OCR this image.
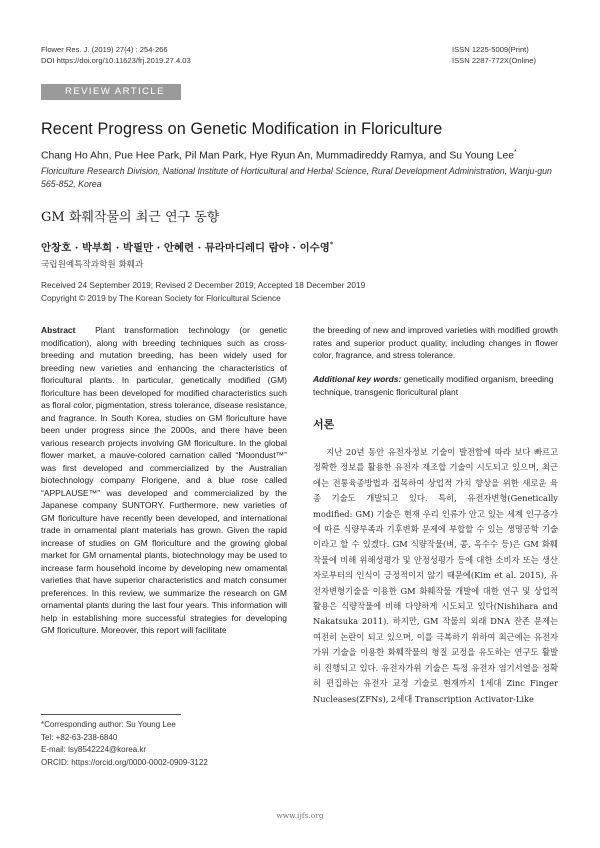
Flower Res. J. (2019) 27(4) : 254-266
DOI https://doi.org/10.11623/frj.2019.27.4.03
ISSN 1225-5009(Print)
ISSN 2287-772X(Online)
REVIEW ARTICLE
Recent Progress on Genetic Modification in Floriculture
Chang Ho Ahn, Pue Hee Park, Pil Man Park, Hye Ryun An, Mummadireddy Ramya, and Su Young Lee*
Floriculture Research Division, National Institute of Horticultural and Herbal Science, Rural Development Administration, Wanju-gun 565-852, Korea
GM 화훼작물의 최근 연구 동향
안창호 · 박부희 · 박필만 · 안혜련 · 뮤라마디레디 람야 · 이수영*
국립원예특작과학원 화훼과
Received 24 September 2019; Revised 2 December 2019; Accepted 18 December 2019
Copyright © 2019 by The Korean Society for Floricultural Science
Abstract Plant transformation technology (or genetic modification), along with breeding techniques such as cross-breeding and mutation breeding, has been widely used for breeding new varieties and enhancing the characteristics of floricultural plants. In particular, genetically modified (GM) floriculture has been developed for modified characteristics such as floral color, pigmentation, stress tolerance, disease resistance, and fragrance. In South Korea, studies on GM floriculture have been under progress since the 2000s, and there have been various research projects involving GM floriculture. In the global flower market, a mauve-colored carnation called “Moondust™” was first developed and commercialized by the Australian biotechnology company Florigene, and a blue rose called “APPLAUSE™” was developed and commercialized by the Japanese company SUNTORY. Furthermore, new varieties of GM floriculture have recently been developed, and international trade in ornamental plant materials has grown. Given the rapid increase of studies on GM floriculture and the growing global market for GM ornamental plants, biotechnology may be used to increase farm household income by developing new ornamental varieties that have superior characteristics and match consumer preferences. In this review, we summarize the research on GM ornamental plants during the last four years. This information will help in establishing more successful strategies for developing GM floriculture. Moreover, this report will facilitate
the breeding of new and improved varieties with modified growth rates and superior product quality, including changes in flower color, fragrance, and stress tolerance.
Additional key words: genetically modified organism, breeding technique, transgenic floricultural plant
서론
지난 20년 동안 유전자정보 기술이 발전함에 따라 보다 빠르고 정확한 정보를 활용한 유전자 재조합 기술이 시도되고 있으며, 최근에는 전통육종방법과 접목하여 상업적 가치 향상을 위한 새로운 육종 기술도 개발되고 있다. 특히, 유전자변형(Genetically modified: GM) 기술은 현재 우리 인류가 안고 있는 세계 인구증가에 따른 식량부족과 기후변화 문제에 부합할 수 있는 생명공학 기술이라고 할 수 있겠다. GM 식량작물(벼, 콩, 옥수수 등)은 GM 화훼작물에 비해 위해성평가 및 안정성평가 등에 대한 소비자 또는 생산자로부터의 인식이 긍정적이지 않기 때문에(Kim et al. 2015), 유전자변형기술을 이용한 GM 화훼작물 개발에 대한 연구 및 상업적 활용은 식량작물에 비해 다양하게 시도되고 있다(Nishihara and Nakatsuka 2011). 하지만, GM 작물의 외래 DNA 잔존 문제는 여전히 논란이 되고 있으며, 이를 극복하기 위하여 최근에는 유전자가위 기술을 이용한 화훼작물의 형질 교정을 유도하는 연구도 활발히 진행되고 있다. 유전자가위 기술은 특정 유전자 염기서열을 정확히 편집하는 유전자 교정 기술로 현재까지 1세대 Zinc Finger Nucleases(ZFNs), 2세대 Transcription Activator-Like
*Corresponding author: Su Young Lee
Tel: +82-63-238-6840
E-mail: lsy8542224@korea.kr
ORCID: https://orcid.org/0000-0002-0909-3122
www.ijfs.org
